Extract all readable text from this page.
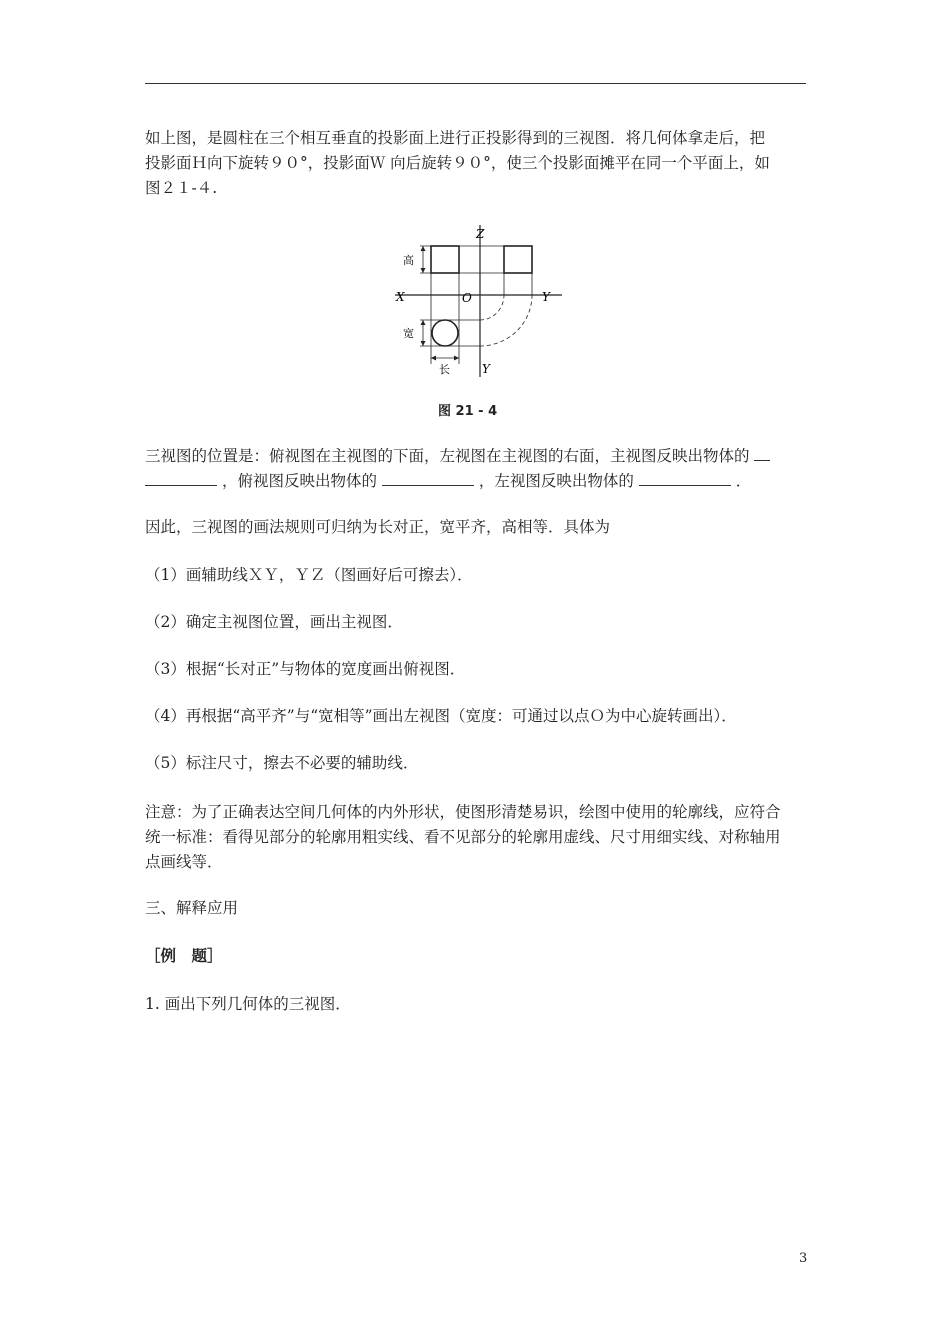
如上图，是圆柱在三个相互垂直的投影面上进行正投影得到的三视图．将几何体拿走后，把
投影面Ｈ向下旋转９０°，投影面Ｗ 向后旋转９０°，使三个投影面摊平在同一个平面上，如
图２１-４.

高
宽
长
X	Y
Y
Z
O
图 21 - 4

三视图的位置是：俯视图在主视图的下面，左视图在主视图的右面，主视图反映出物体的
，俯视图反映出物体的	，左视图反映出物体的	．

因此，三视图的画法规则可归纳为长对正，宽平齐，高相等．具体为

（1）画辅助线ＸＹ，ＹＺ（图画好后可擦去）．

（2）确定主视图位置，画出主视图．

（3）根据“长对正”与物体的宽度画出俯视图．

（4）再根据“高平齐”与“宽相等”画出左视图（宽度：可通过以点Ｏ为中心旋转画出）．

（5）标注尺寸，擦去不必要的辅助线．

注意：为了正确表达空间几何体的内外形状，使图形清楚易识，绘图中使用的轮廓线，应符合
统一标准：看得见部分的轮廓用粗实线、看不见部分的轮廓用虚线、尺寸用细实线、对称轴用
点画线等．

三、解释应用

［例　题］

1. 画出下列几何体的三视图．

3
